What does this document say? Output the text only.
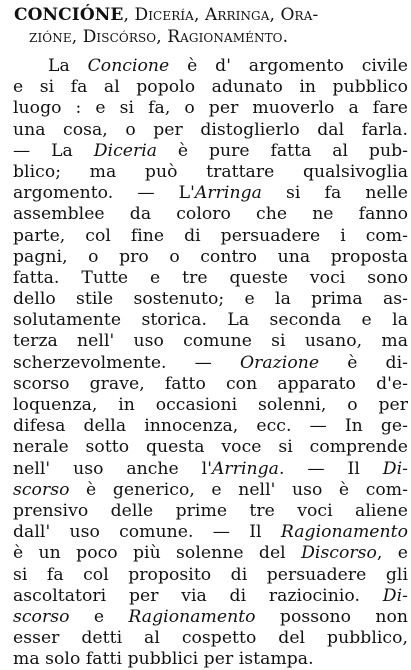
CONCIÓNE, Dicería, Arringa, Ora-
zióne, Discórso, Ragionaménto.
La Concione è d' argomento civile
e si fa al popolo adunato in pubblico
luogo : e si fa, o per muoverlo a fare
una cosa, o per distoglierlo dal farla.
— La Diceria è pure fatta al pub-
blico; ma può trattare qualsivoglia
argomento. — L'Arringa si fa nelle
assemblee da coloro che ne fanno
parte, col fine di persuadere i com-
pagni, o pro o contro una proposta
fatta. Tutte e tre queste voci sono
dello stile sostenuto; e la prima as-
solutamente storica. La seconda e la
terza nell' uso comune si usano, ma
scherzevolmente. — Orazione è di-
scorso grave, fatto con apparato d'e-
loquenza, in occasioni solenni, o per
difesa della innocenza, ecc. — In ge-
nerale sotto questa voce si comprende
nell' uso anche l'Arringa. — Il Di-
scorso è generico, e nell' uso è com-
prensivo delle prime tre voci aliene
dall' uso comune. — Il Ragionamento
è un poco più solenne del Discorso, e
si fa col proposito di persuadere gli
ascoltatori per via di raziocinio. Di-
scorso e Ragionamento possono non
esser detti al cospetto del pubblico,
ma solo fatti pubblici per istampa.
